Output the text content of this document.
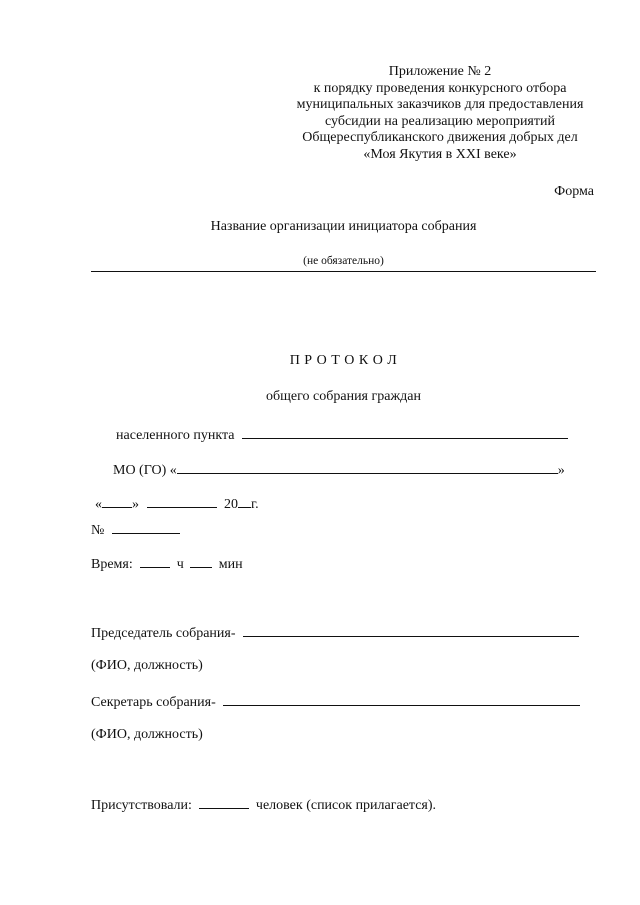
Приложение № 2
к порядку проведения конкурсного отбора
муниципальных заказчиков для предоставления
субсидии на реализацию мероприятий
Общереспубликанского движения добрых дел
«Моя Якутия в XXI веке»
Форма
Название организации инициатора собрания
(не обязательно)
П Р О Т О К О Л
общего собрания граждан
населенного пункта
МО (ГО) «	»
« »	20 г.
№
Время:	ч	мин
Председатель собрания-
(ФИО, должность)
Секретарь собрания-
(ФИО, должность)
Присутствовали:	человек (список прилагается).
